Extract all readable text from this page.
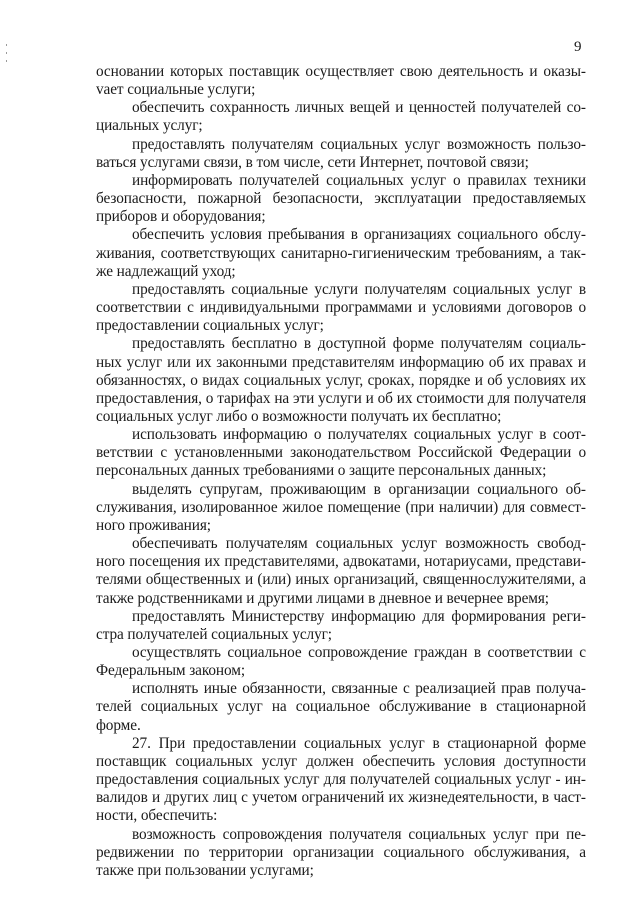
9

основании которых поставщик осуществляет свою деятельность и оказыvает социальные услуги;

обеспечить сохранность личных вещей и ценностей получателей социальных услуг;

предоставлять получателям социальных услуг возможность пользоваться услугами связи, в том числе, сети Интернет, почтовой связи;

информировать получателей социальных услуг о правилах техники безопасности, пожарной безопасности, эксплуатации предоставляемых приборов и оборудования;

обеспечить условия пребывания в организациях социального обслуживания, соответствующих санитарно-гигиеническим требованиям, а также надлежащий уход;

предоставлять социальные услуги получателям социальных услуг в соответствии с индивидуальными программами и условиями договоров о предоставлении социальных услуг;

предоставлять бесплатно в доступной форме получателям социальных услуг или их законными представителям информацию об их правах и обязанностях, о видах социальных услуг, сроках, порядке и об условиях их предоставления, о тарифах на эти услуги и об их стоимости для получателя социальных услуг либо о возможности получать их бесплатно;

использовать информацию о получателях социальных услуг в соответствии с установленными законодательством Российской Федерации о персональных данных требованиями о защите персональных данных;

выделять супругам, проживающим в организации социального обслуживания, изолированное жилое помещение (при наличии) для совместного проживания;

обеспечивать получателям социальных услуг возможность свободного посещения их представителями, адвокатами, нотариусами, представителями общественных и (или) иных организаций, священнослужителями, а также родственниками и другими лицами в дневное и вечернее время;

предоставлять Министерству информацию для формирования регистра получателей социальных услуг;

осуществлять социальное сопровождение граждан в соответствии с Федеральным законом;

исполнять иные обязанности, связанные с реализацией прав получателей социальных услуг на социальное обслуживание в стационарной форме.

27. При предоставлении социальных услуг в стационарной форме поставщик социальных услуг должен обеспечить условия доступности предоставления социальных услуг для получателей социальных услуг - инвалидов и других лиц с учетом ограничений их жизнедеятельности, в частности, обеспечить:

возможность сопровождения получателя социальных услуг при передвижении по территории организации социального обслуживания, а также при пользовании услугами;
